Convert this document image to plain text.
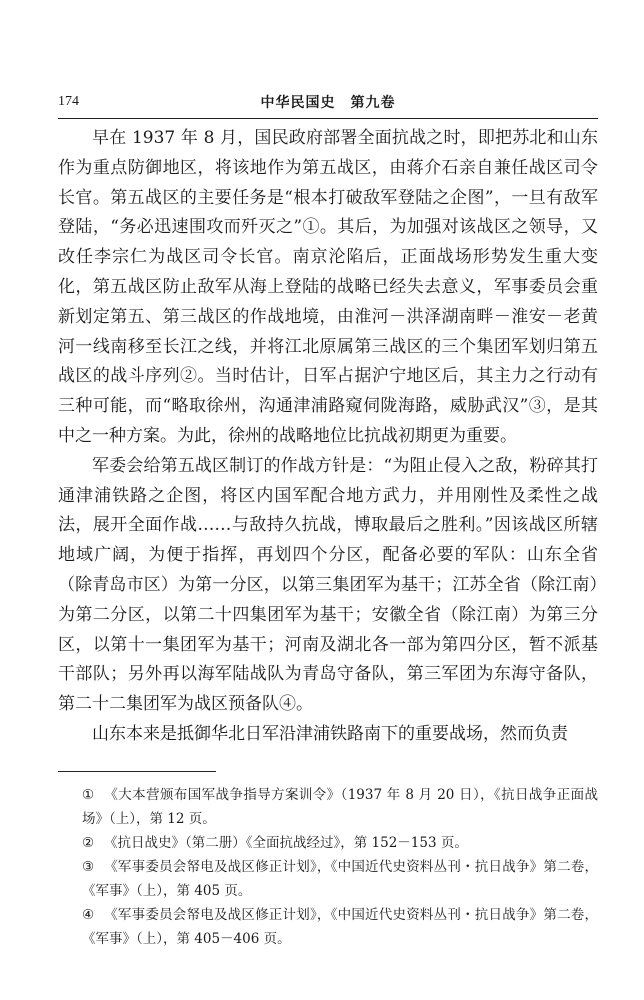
174	中华民国史　第九卷

早在 1937 年 8 月，国民政府部署全面抗战之时，即把苏北和山东作为重点防御地区，将该地作为第五战区，由蒋介石亲自兼任战区司令长官。第五战区的主要任务是“根本打破敌军登陆之企图”，一旦有敌军登陆，“务必迅速围攻而歼灭之”①。其后，为加强对该战区之领导，又改任李宗仁为战区司令长官。南京沦陷后，正面战场形势发生重大变化，第五战区防止敌军从海上登陆的战略已经失去意义，军事委员会重新划定第五、第三战区的作战地境，由淮河－洪泽湖南畔－淮安－老黄河一线南移至长江之线，并将江北原属第三战区的三个集团军划归第五战区的战斗序列②。当时估计，日军占据沪宁地区后，其主力之行动有三种可能，而“略取徐州，沟通津浦路窥伺陇海路，威胁武汉”③，是其中之一种方案。为此，徐州的战略地位比抗战初期更为重要。

军委会给第五战区制订的作战方针是：“为阻止侵入之敌，粉碎其打通津浦铁路之企图，将区内国军配合地方武力，并用刚性及柔性之战法，展开全面作战……与敌持久抗战，博取最后之胜利。”因该战区所辖地域广阔，为便于指挥，再划四个分区，配备必要的军队：山东全省（除青岛市区）为第一分区，以第三集团军为基干；江苏全省（除江南）为第二分区，以第二十四集团军为基干；安徽全省（除江南）为第三分区，以第十一集团军为基干；河南及湖北各一部为第四分区，暂不派基干部队；另外再以海军陆战队为青岛守备队，第三军团为东海守备队，第二十二集团军为战区预备队④。

山东本来是抵御华北日军沿津浦铁路南下的重要战场，然而负责

① 《大本营颁布国军战争指导方案训令》（1937 年 8 月 20 日），《抗日战争正面战场》（上），第 12 页。

② 《抗日战史》（第二册）《全面抗战经过》，第 152－153 页。

③ 《军事委员会帑电及战区修正计划》，《中国近代史资料丛刊・抗日战争》第二卷，《军事》（上），第 405 页。

④ 《军事委员会帑电及战区修正计划》，《中国近代史资料丛刊・抗日战争》第二卷，《军事》（上），第 405－406 页。
